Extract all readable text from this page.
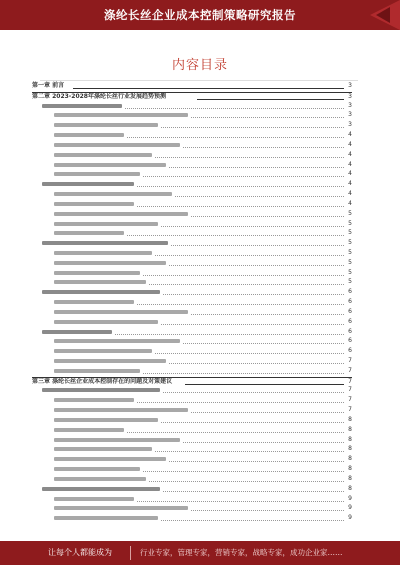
涤纶长丝企业成本控制策略研究报告
内容目录
第一章 前言	3
第二章 2023-2028年涤纶长丝行业发展趋势预测	3
3
3
3
4
4
4
4
4
4
4
4
5
5
5
5
5
5
5
5
6
6
6
6
6
6
6
7
7
第三章 涤纶长丝企业成本控制存在的问题及对策建议	7
7
7
7
8
8
8
8
8
8
8
8
9
9
9
让每个人都能成为	行业专家，管理专家，营销专家，战略专家，成功企业家……
